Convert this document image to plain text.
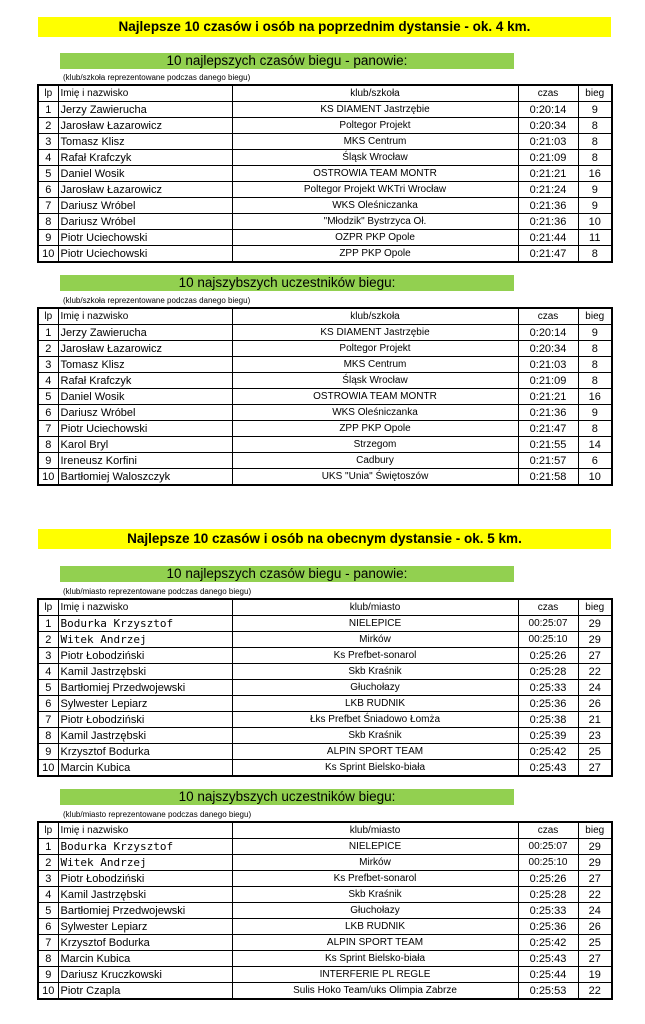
Najlepsze 10 czasów i osób na poprzednim dystansie - ok. 4 km.
10 najlepszych czasów biegu - panowie:
(klub/szkoła reprezentowane podczas danego biegu)
lp	Imię i nazwisko	klub/szkoła	czas	bieg
1	Jerzy Zawierucha	KS DIAMENT Jastrzębie	0:20:14	9
2	Jarosław Łazarowicz	Poltegor Projekt	0:20:34	8
3	Tomasz Klisz	MKS Centrum	0:21:03	8
4	Rafał Krafczyk	Śląsk Wrocław	0:21:09	8
5	Daniel Wosik	OSTROWIA TEAM MONTR	0:21:21	16
6	Jarosław Łazarowicz	Poltegor Projekt WKTri Wrocław	0:21:24	9
7	Dariusz Wróbel	WKS Oleśniczanka	0:21:36	9
8	Dariusz Wróbel	"Młodzik" Bystrzyca Oł.	0:21:36	10
9	Piotr Uciechowski	OZPR PKP Opole	0:21:44	11
10	Piotr Uciechowski	ZPP PKP Opole	0:21:47	8
10 najszybszych uczestników biegu:
(klub/szkoła reprezentowane podczas danego biegu)
lp	Imię i nazwisko	klub/szkoła	czas	bieg
1	Jerzy Zawierucha	KS DIAMENT Jastrzębie	0:20:14	9
2	Jarosław Łazarowicz	Poltegor Projekt	0:20:34	8
3	Tomasz Klisz	MKS Centrum	0:21:03	8
4	Rafał Krafczyk	Śląsk Wrocław	0:21:09	8
5	Daniel Wosik	OSTROWIA TEAM MONTR	0:21:21	16
6	Dariusz Wróbel	WKS Oleśniczanka	0:21:36	9
7	Piotr Uciechowski	ZPP PKP Opole	0:21:47	8
8	Karol Bryl	Strzegom	0:21:55	14
9	Ireneusz Korfini	Cadbury	0:21:57	6
10	Bartłomiej Waloszczyk	UKS "Unia" Świętoszów	0:21:58	10
Najlepsze 10 czasów i osób na obecnym dystansie - ok. 5 km.
10 najlepszych czasów biegu - panowie:
(klub/miasto reprezentowane podczas danego biegu)
lp	Imię i nazwisko	klub/miasto	czas	bieg
1	Bodurka Krzysztof	NIELEPICE	00:25:07	29
2	Witek Andrzej	Mirków	00:25:10	29
3	Piotr Łobodziński	Ks Prefbet-sonarol	0:25:26	27
4	Kamil Jastrzębski	Skb Kraśnik	0:25:28	22
5	Bartłomiej Przedwojewski	Głuchołazy	0:25:33	24
6	Sylwester Lepiarz	LKB RUDNIK	0:25:36	26
7	Piotr Łobodziński	Łks Prefbet Śniadowo Łomża	0:25:38	21
8	Kamil Jastrzębski	Skb Kraśnik	0:25:39	23
9	Krzysztof Bodurka	ALPIN SPORT TEAM	0:25:42	25
10	Marcin Kubica	Ks Sprint Bielsko-biała	0:25:43	27
10 najszybszych uczestników biegu:
(klub/miasto reprezentowane podczas danego biegu)
lp	Imię i nazwisko	klub/miasto	czas	bieg
1	Bodurka Krzysztof	NIELEPICE	00:25:07	29
2	Witek Andrzej	Mirków	00:25:10	29
3	Piotr Łobodziński	Ks Prefbet-sonarol	0:25:26	27
4	Kamil Jastrzębski	Skb Kraśnik	0:25:28	22
5	Bartłomiej Przedwojewski	Głuchołazy	0:25:33	24
6	Sylwester Lepiarz	LKB RUDNIK	0:25:36	26
7	Krzysztof Bodurka	ALPIN SPORT TEAM	0:25:42	25
8	Marcin Kubica	Ks Sprint Bielsko-biała	0:25:43	27
9	Dariusz Kruczkowski	INTERFERIE PL REGLE	0:25:44	19
10	Piotr Czapla	Sulis Hoko Team/uks Olimpia Zabrze	0:25:53	22
